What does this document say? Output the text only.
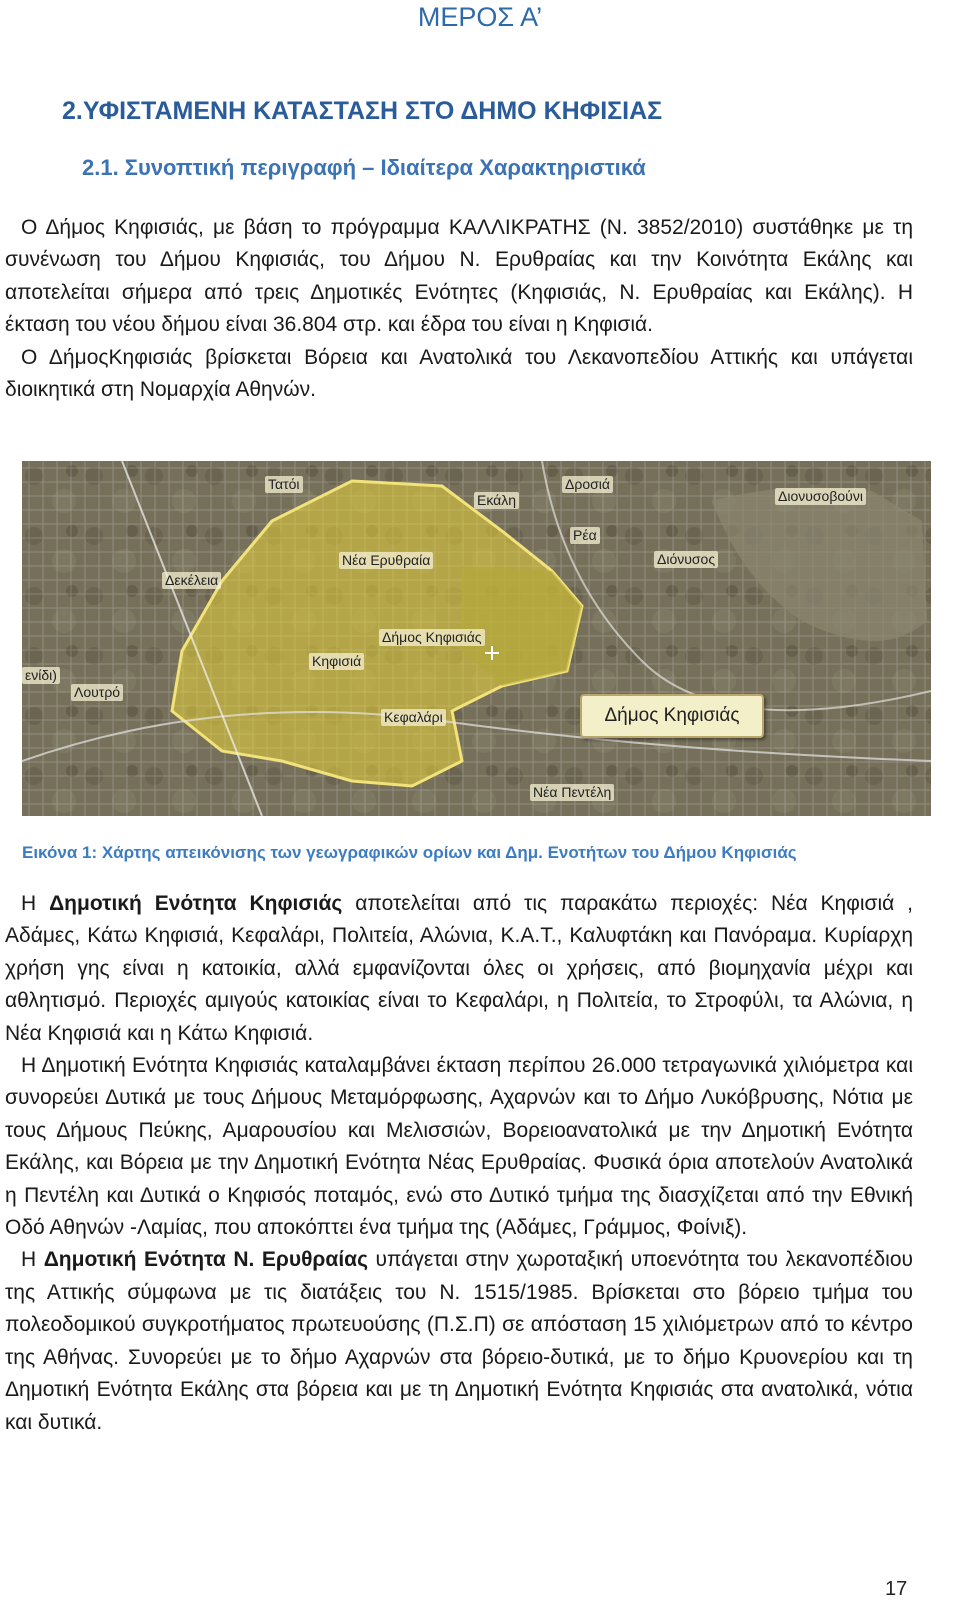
ΜΕΡΟΣ Α’
2.ΥΦΙΣΤΑΜΕΝΗ ΚΑΤΑΣΤΑΣΗ ΣΤΟ ΔΗΜΟ ΚΗΦΙΣΙΑΣ
2.1. Συνοπτική περιγραφή – Ιδιαίτερα Χαρακτηριστικά
Ο Δήμος Κηφισιάς, με βάση το πρόγραμμα ΚΑΛΛΙΚΡΑΤΗΣ (Ν. 3852/2010) συστάθηκε με τη συνένωση του Δήμου Κηφισιάς, του Δήμου Ν. Ερυθραίας και την Κοινότητα Εκάλης και αποτελείται σήμερα από τρεις Δημοτικές Ενότητες (Κηφισιάς, Ν. Ερυθραίας και Εκάλης). Η έκταση του νέου δήμου είναι 36.804 στρ. και έδρα του είναι η Κηφισιά.
Ο ΔήμοςΚηφισιάς βρίσκεται Βόρεια και Ανατολικά του Λεκανοπεδίου Αττικής και υπάγεται διοικητικά στη Νομαρχία Αθηνών.
Τατόι
Εκάλη
Δροσιά
Διονυσοβούνι
Ρέα
Διόνυσος
Νέα Ερυθραία
Δεκέλεια
Δήμος Κηφισιάς
Κηφισιά
ενίδι)
Λουτρό
Κεφαλάρι
Νέα Πεντέλη
Δήμος Κηφισιάς
Εικόνα 1: Χάρτης απεικόνισης των γεωγραφικών ορίων και Δημ. Ενοτήτων του Δήμου Κηφισιάς
Η Δημοτική Ενότητα Κηφισιάς αποτελείται από τις παρακάτω περιοχές: Νέα Κηφισιά , Αδάμες, Κάτω Κηφισιά, Κεφαλάρι, Πολιτεία, Αλώνια, Κ.Α.Τ., Καλυφτάκη και Πανόραμα. Κυρίαρχη χρήση γης είναι η κατοικία, αλλά εμφανίζονται όλες οι χρήσεις, από βιομηχανία μέχρι και αθλητισμό. Περιοχές αμιγούς κατοικίας είναι το Κεφαλάρι, η Πολιτεία, το Στροφύλι, τα Αλώνια, η Νέα Κηφισιά και η Κάτω Κηφισιά.
Η Δημοτική Ενότητα Κηφισιάς καταλαμβάνει έκταση περίπου 26.000 τετραγωνικά χιλιόμετρα και συνορεύει Δυτικά με τους Δήμους Μεταμόρφωσης, Αχαρνών και το Δήμο Λυκόβρυσης, Νότια με τους Δήμους Πεύκης, Αμαρουσίου και Μελισσιών, Βορειοανατολικά με την Δημοτική Ενότητα Εκάλης, και Βόρεια με την Δημοτική Ενότητα Νέας Ερυθραίας. Φυσικά όρια αποτελούν Ανατολικά η Πεντέλη και Δυτικά ο Κηφισός ποταμός, ενώ στο Δυτικό τμήμα της διασχίζεται από την Εθνική Οδό Αθηνών -Λαμίας, που αποκόπτει ένα τμήμα της (Αδάμες, Γράμμος, Φοίνιξ).
Η Δημοτική Ενότητα Ν. Ερυθραίας υπάγεται στην χωροταξική υποενότητα του λεκανοπέδιου της Αττικής σύμφωνα με τις διατάξεις του Ν. 1515/1985. Βρίσκεται στο βόρειο τμήμα του πολεοδομικού συγκροτήματος πρωτευούσης (Π.Σ.Π) σε απόσταση 15 χιλιόμετρων από το κέντρο της Αθήνας. Συνορεύει με το δήμο Αχαρνών στα βόρειο-δυτικά, με το δήμο Κρυονερίου και τη Δημοτική Ενότητα Εκάλης στα βόρεια και με τη Δημοτική Ενότητα Κηφισιάς στα ανατολικά, νότια και δυτικά.
17
